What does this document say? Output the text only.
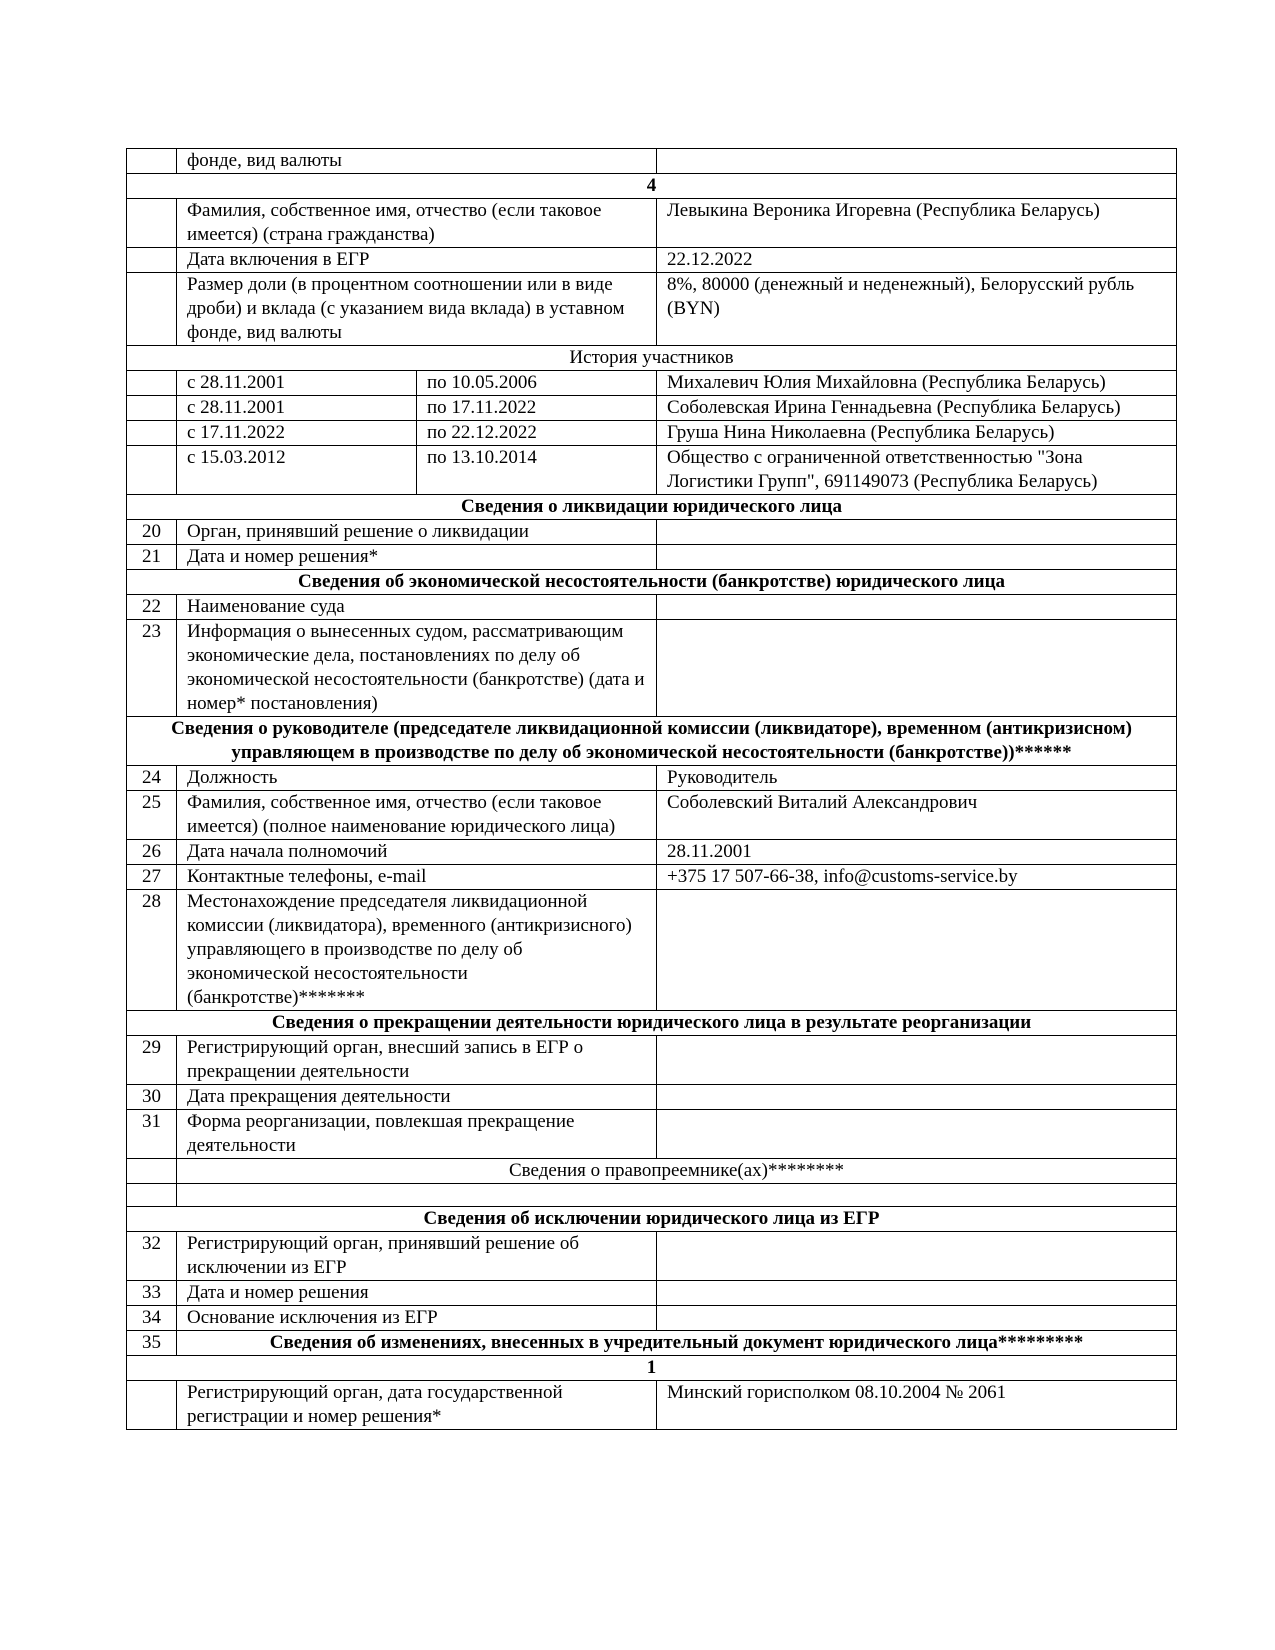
	фонде, вид валюты		
4			
	Фамилия, собственное имя, отчество (если таковое имеется) (страна гражданства)		Левыкина Вероника Игоревна (Республика Беларусь)
	Дата включения в ЕГР		22.12.2022
	Размер доли (в процентном соотношении или в виде дроби) и вклада (с указанием вида вклада) в уставном фонде, вид валюты		8%, 80000 (денежный и неденежный), Белорусский рубль (BYN)
История участников			
	с 28.11.2001	по 10.05.2006	Михалевич Юлия Михайловна (Республика Беларусь)
	с 28.11.2001	по 17.11.2022	Соболевская Ирина Геннадьевна (Республика Беларусь)
	с 17.11.2022	по 22.12.2022	Груша Нина Николаевна (Республика Беларусь)
	с 15.03.2012	по 13.10.2014	Общество с ограниченной ответственностью "Зона Логистики Групп", 691149073 (Республика Беларусь)
Сведения о ликвидации юридического лица			
20	Орган, принявший решение о ликвидации		
21	Дата и номер решения*		
Сведения об экономической несостоятельности (банкротстве) юридического лица			
22	Наименование суда		
23	Информация о вынесенных судом, рассматривающим экономические дела, постановлениях по делу об экономической несостоятельности (банкротстве) (дата и номер* постановления)		
Сведения о руководителе (председателе ликвидационной комиссии (ликвидаторе), временном (антикризисном) управляющем в производстве по делу об экономической несостоятельности (банкротстве))******			
24	Должность		Руководитель
25	Фамилия, собственное имя, отчество (если таковое имеется) (полное наименование юридического лица)		Соболевский Виталий Александрович
26	Дата начала полномочий		28.11.2001
27	Контактные телефоны, e-mail		+375 17 507-66-38, info@customs-service.by
28	Местонахождение председателя ликвидационной комиссии (ликвидатора), временного (антикризисного) управляющего в производстве по делу об экономической несостоятельности (банкротстве)*******		
Сведения о прекращении деятельности юридического лица в результате реорганизации			
29	Регистрирующий орган, внесший запись в ЕГР о прекращении деятельности		
30	Дата прекращения деятельности		
31	Форма реорганизации, повлекшая прекращение деятельности		
	Сведения о правопреемнике(ах)********		

Сведения об исключении юридического лица из ЕГР			
32	Регистрирующий орган, принявший решение об исключении из ЕГР		
33	Дата и номер решения		
34	Основание исключения из ЕГР		
35	Сведения об изменениях, внесенных в учредительный документ юридического лица*********		
1			
	Регистрирующий орган, дата государственной регистрации и номер решения*		Минский горисполком 08.10.2004 № 2061
